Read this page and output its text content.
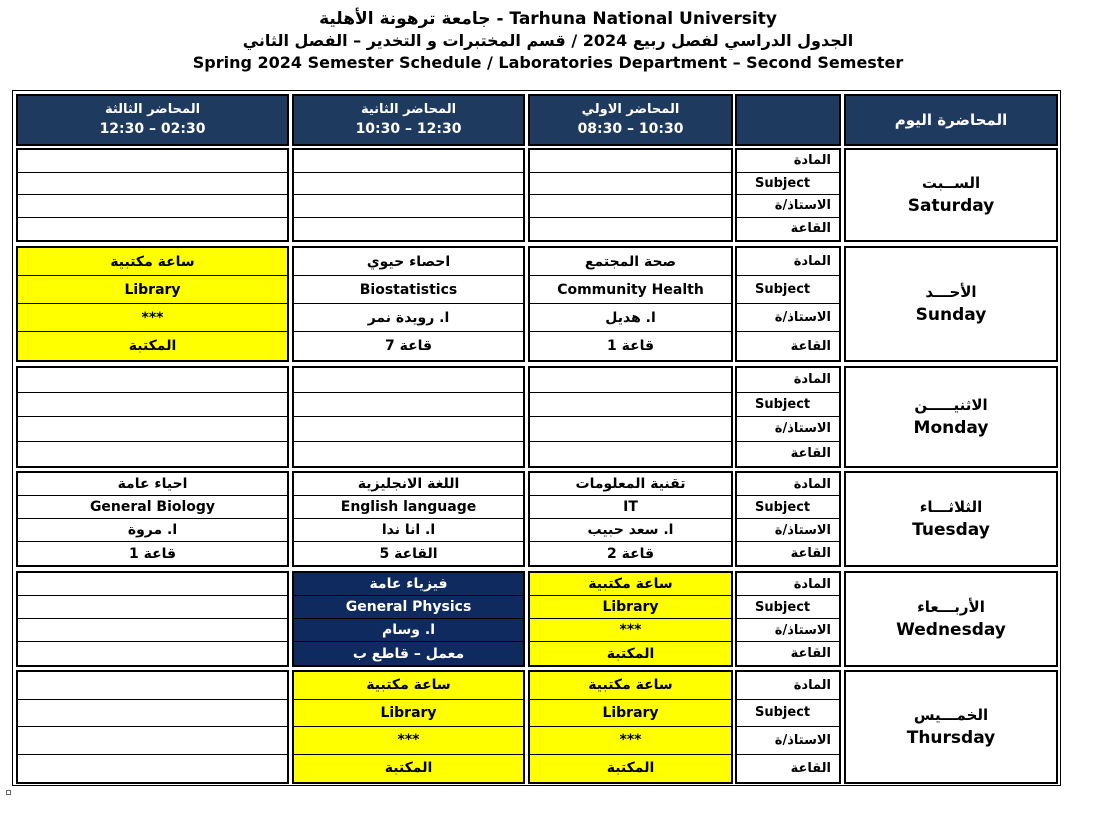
جامعة ترهونة الأهلية - Tarhuna National University
الجدول الدراسي لفصل ربيع 2024 / قسم المختبرات و التخدير – الفصل الثاني
Spring 2024 Semester Schedule / Laboratories Department – Second Semester
المحاضر الثالثة
12:30 – 02:30
المحاضر الثانية
10:30 – 12:30
المحاضر الاولي
08:30 – 10:30	المحاضرة اليوم
المادة
Subject
الاستاذ/ة
القاعة
الســبت
Saturday
ساعة مكتبية
Library
***
المكتبة
احصاء حيوي
Biostatistics
ا. رويدة نمر
قاعة 7
صحة المجتمع
Community Health
ا. هديل
قاعة 1
المادة
Subject
الاستاذ/ة
القاعة
الأحـــد
Sunday
المادة
Subject
الاستاذ/ة
القاعة
الاثنيـــــن
Monday
احياء عامة
General Biology
ا. مروة
قاعة 1
اللغة الانجليزية
English language
ا. انا ندا
القاعة 5
تقنية المعلومات
IT
ا. سعد حبيب
قاعة 2
المادة
Subject
الاستاذ/ة
القاعة
الثلاثـــاء
Tuesday
فيزياء عامة
General Physics
ا. وسام
معمل – قاطع ب
ساعة مكتبية
Library
***
المكتبة
المادة
Subject
الاستاذ/ة
القاعة
الأربـــعاء
Wednesday
ساعة مكتبية
Library
***
المكتبة
ساعة مكتبية
Library
***
المكتبة
المادة
Subject
الاستاذ/ة
القاعة
الخمـــيس
Thursday
